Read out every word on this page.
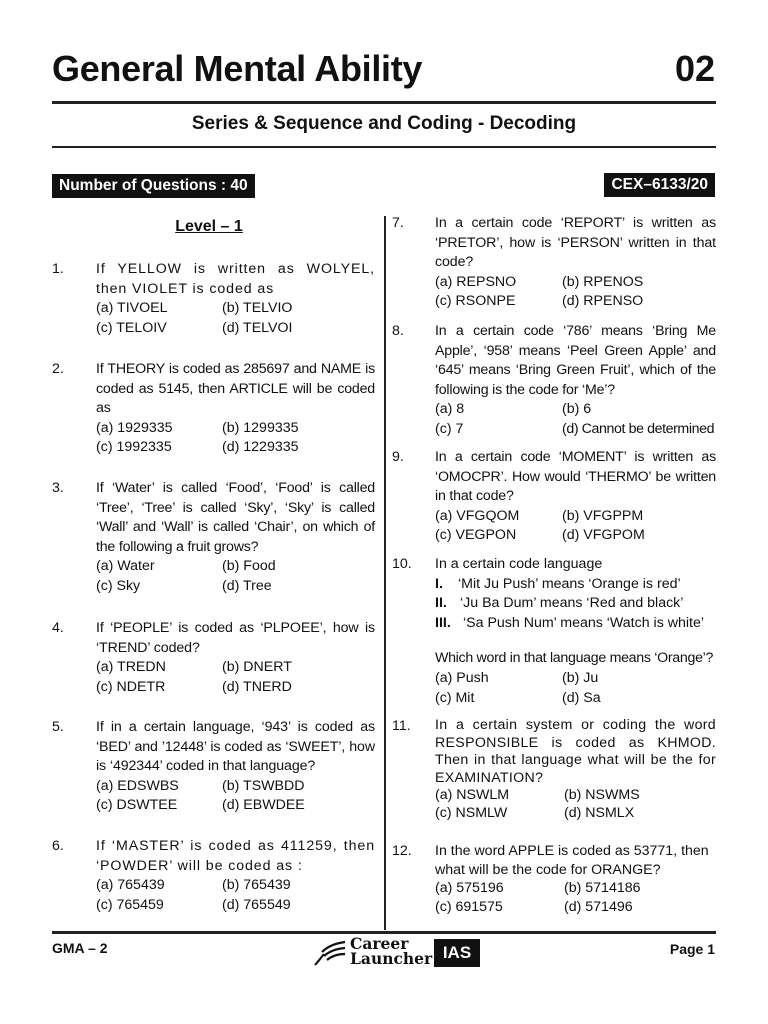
General Mental Ability	02
Series & Sequence and Coding - Decoding
Number of Questions : 40	CEX–6133/20
Level – 1
1. If YELLOW is written as WOLYEL, then VIOLET is coded as

(a) TIVOEL	(b) TELVIO
(c) TELOIV	(d) TELVOI
2. If THEORY is coded as 285697 and NAME is coded as 5145, then ARTICLE will be coded as

(a) 1929335	(b) 1299335
(c) 1992335	(d) 1229335
3. If ‘Water’ is called ‘Food’, ‘Food’ is called ‘Tree’, ‘Tree’ is called ‘Sky’, ‘Sky’ is called ‘Wall’ and ‘Wall’ is called ‘Chair’, on which of the following a fruit grows?

(a) Water	(b) Food
(c) Sky	(d) Tree
4. If ‘PEOPLE’ is coded as ‘PLPOEE’, how is ‘TREND’ coded?

(a) TREDN	(b) DNERT
(c) NDETR	(d) TNERD
5. If in a certain language, ‘943’ is coded as ‘BED’ and ’12448’ is coded as ‘SWEET’, how is ‘492344’ coded in that language?

(a) EDSWBS	(b) TSWBDD
(c) DSWTEE	(d) EBWDEE
6. If ‘MASTER’ is coded as 411259, then ‘POWDER’ will be coded as :

(a) 765439	(b) 765439
(c) 765459	(d) 765549
7. In a certain code ‘REPORT’ is written as ‘PRETOR’, how is ‘PERSON’ written in that code?

(a) REPSNO	(b) RPENOS
(c) RSONPE	(d) RPENSO
8. In a certain code ‘786’ means ‘Bring Me Apple’, ‘958’ means ‘Peel Green Apple’ and ‘645’ means ‘Bring Green Fruit’, which of the following is the code for ‘Me’?

(a) 8	(b) 6
(c) 7	(d) Cannot be determined
9. In a certain code ‘MOMENT’ is written as ‘OMOCPR’. How would ‘THERMO’ be written in that code?

(a) VFGQOM	(b) VFGPPM
(c) VEGPON	(d) VFGPOM
10. In a certain code language

I. ‘Mit Ju Push’ means ‘Orange is red’
II. ‘Ju Ba Dum’ means ‘Red and black’
III. ‘Sa Push Num’ means ‘Watch is white’

Which word in that language means ‘Orange’?

(a) Push	(b) Ju
(c) Mit	(d) Sa
11. In a certain system or coding the word RESPONSIBLE is coded as KHMOD. Then in that language what will be the for EXAMINATION?

(a) NSWLM	(b) NSWMS
(c) NSMLW	(d) NSMLX
12. In the word APPLE is coded as 53771, then what will be the code for ORANGE?

(a) 575196	(b) 5714186
(c) 691575	(d) 571496
GMA – 2	Career
Launcher IAS	Page 1
